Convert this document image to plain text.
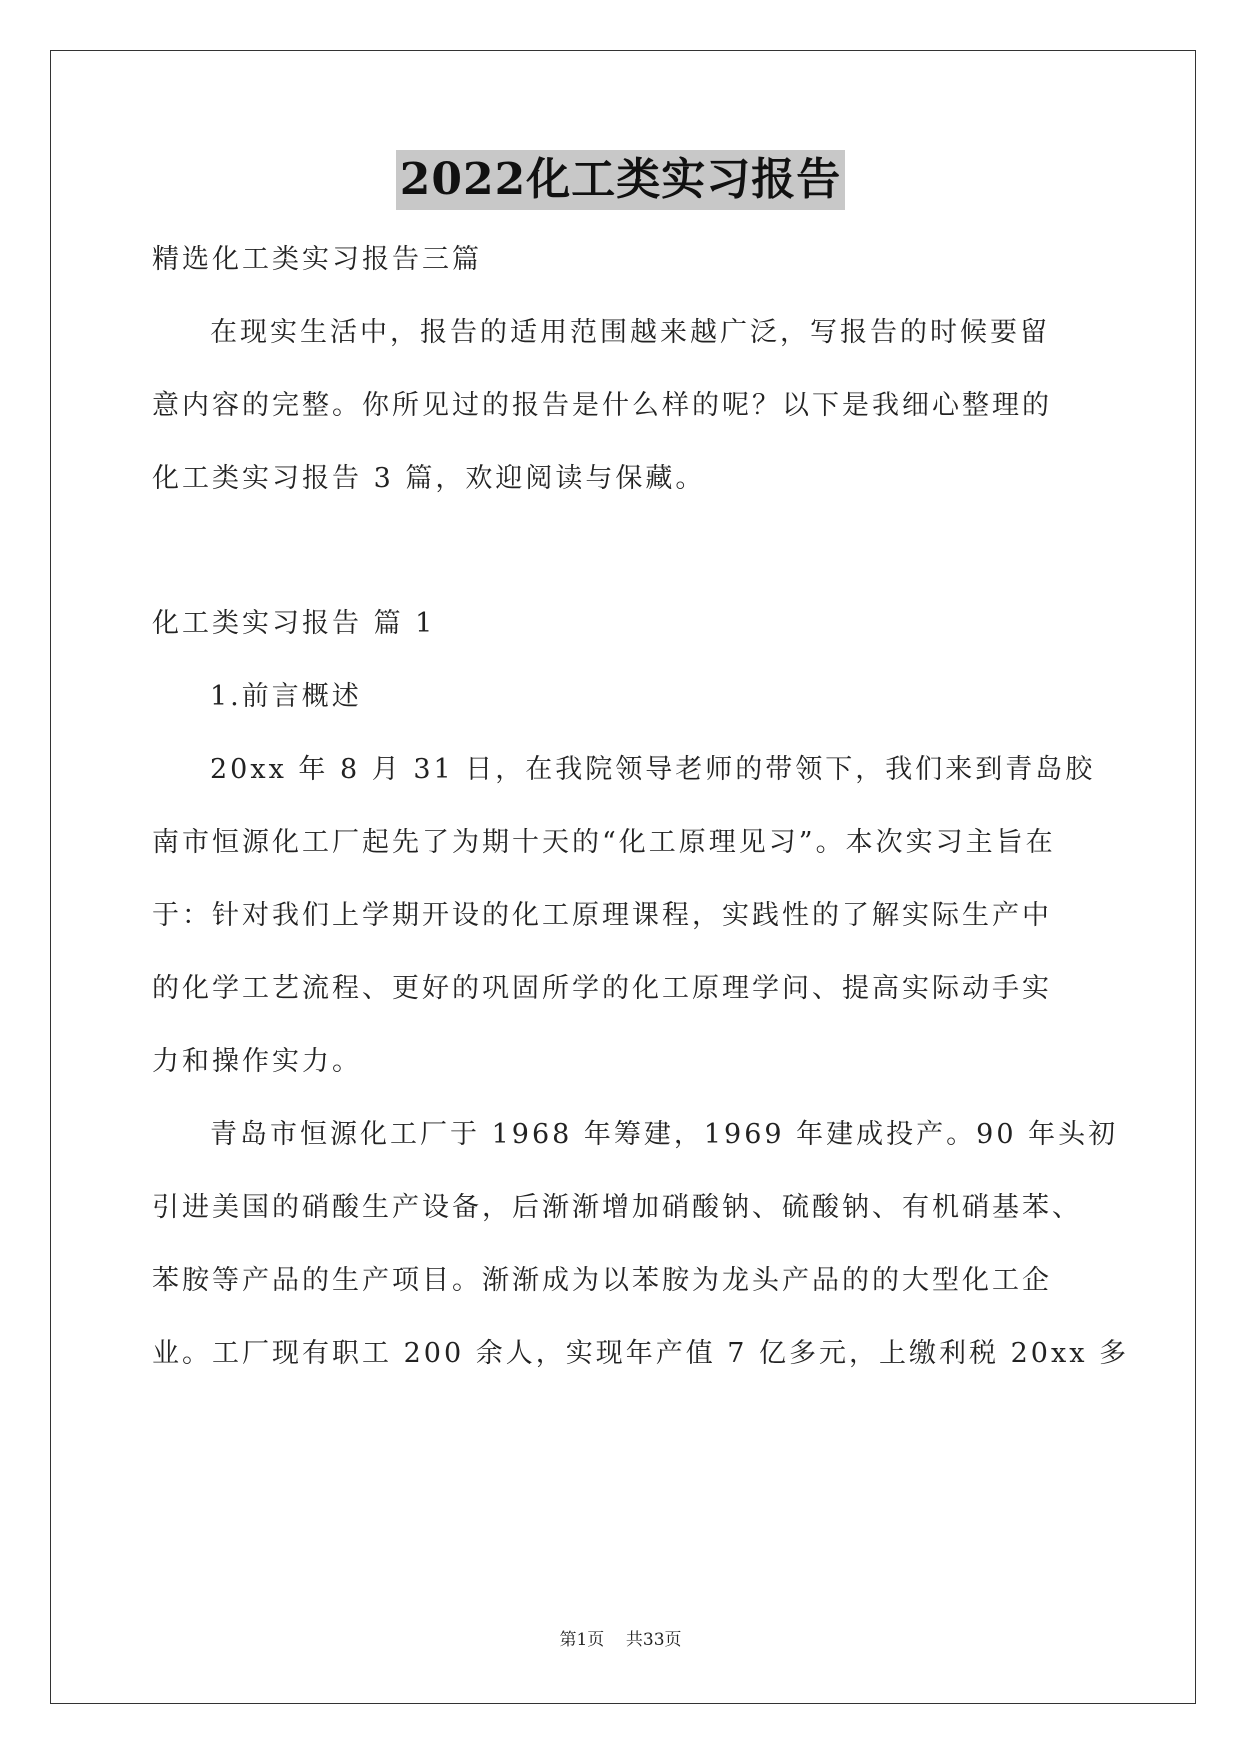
2022化工类实习报告
精选化工类实习报告三篇
在现实生活中，报告的适用范围越来越广泛，写报告的时候要留
意内容的完整。你所见过的报告是什么样的呢？以下是我细心整理的
化工类实习报告 3 篇，欢迎阅读与保藏。
化工类实习报告 篇 1
1.前言概述
20xx 年 8 月 31 日，在我院领导老师的带领下，我们来到青岛胶
南市恒源化工厂起先了为期十天的“化工原理见习”。本次实习主旨在
于：针对我们上学期开设的化工原理课程，实践性的了解实际生产中
的化学工艺流程、更好的巩固所学的化工原理学问、提高实际动手实
力和操作实力。
青岛市恒源化工厂于 1968 年筹建，1969 年建成投产。90 年头初
引进美国的硝酸生产设备，后渐渐增加硝酸钠、硫酸钠、有机硝基苯、
苯胺等产品的生产项目。渐渐成为以苯胺为龙头产品的的大型化工企
业。工厂现有职工 200 余人，实现年产值 7 亿多元，上缴利税 20xx 多
第1页    共33页
